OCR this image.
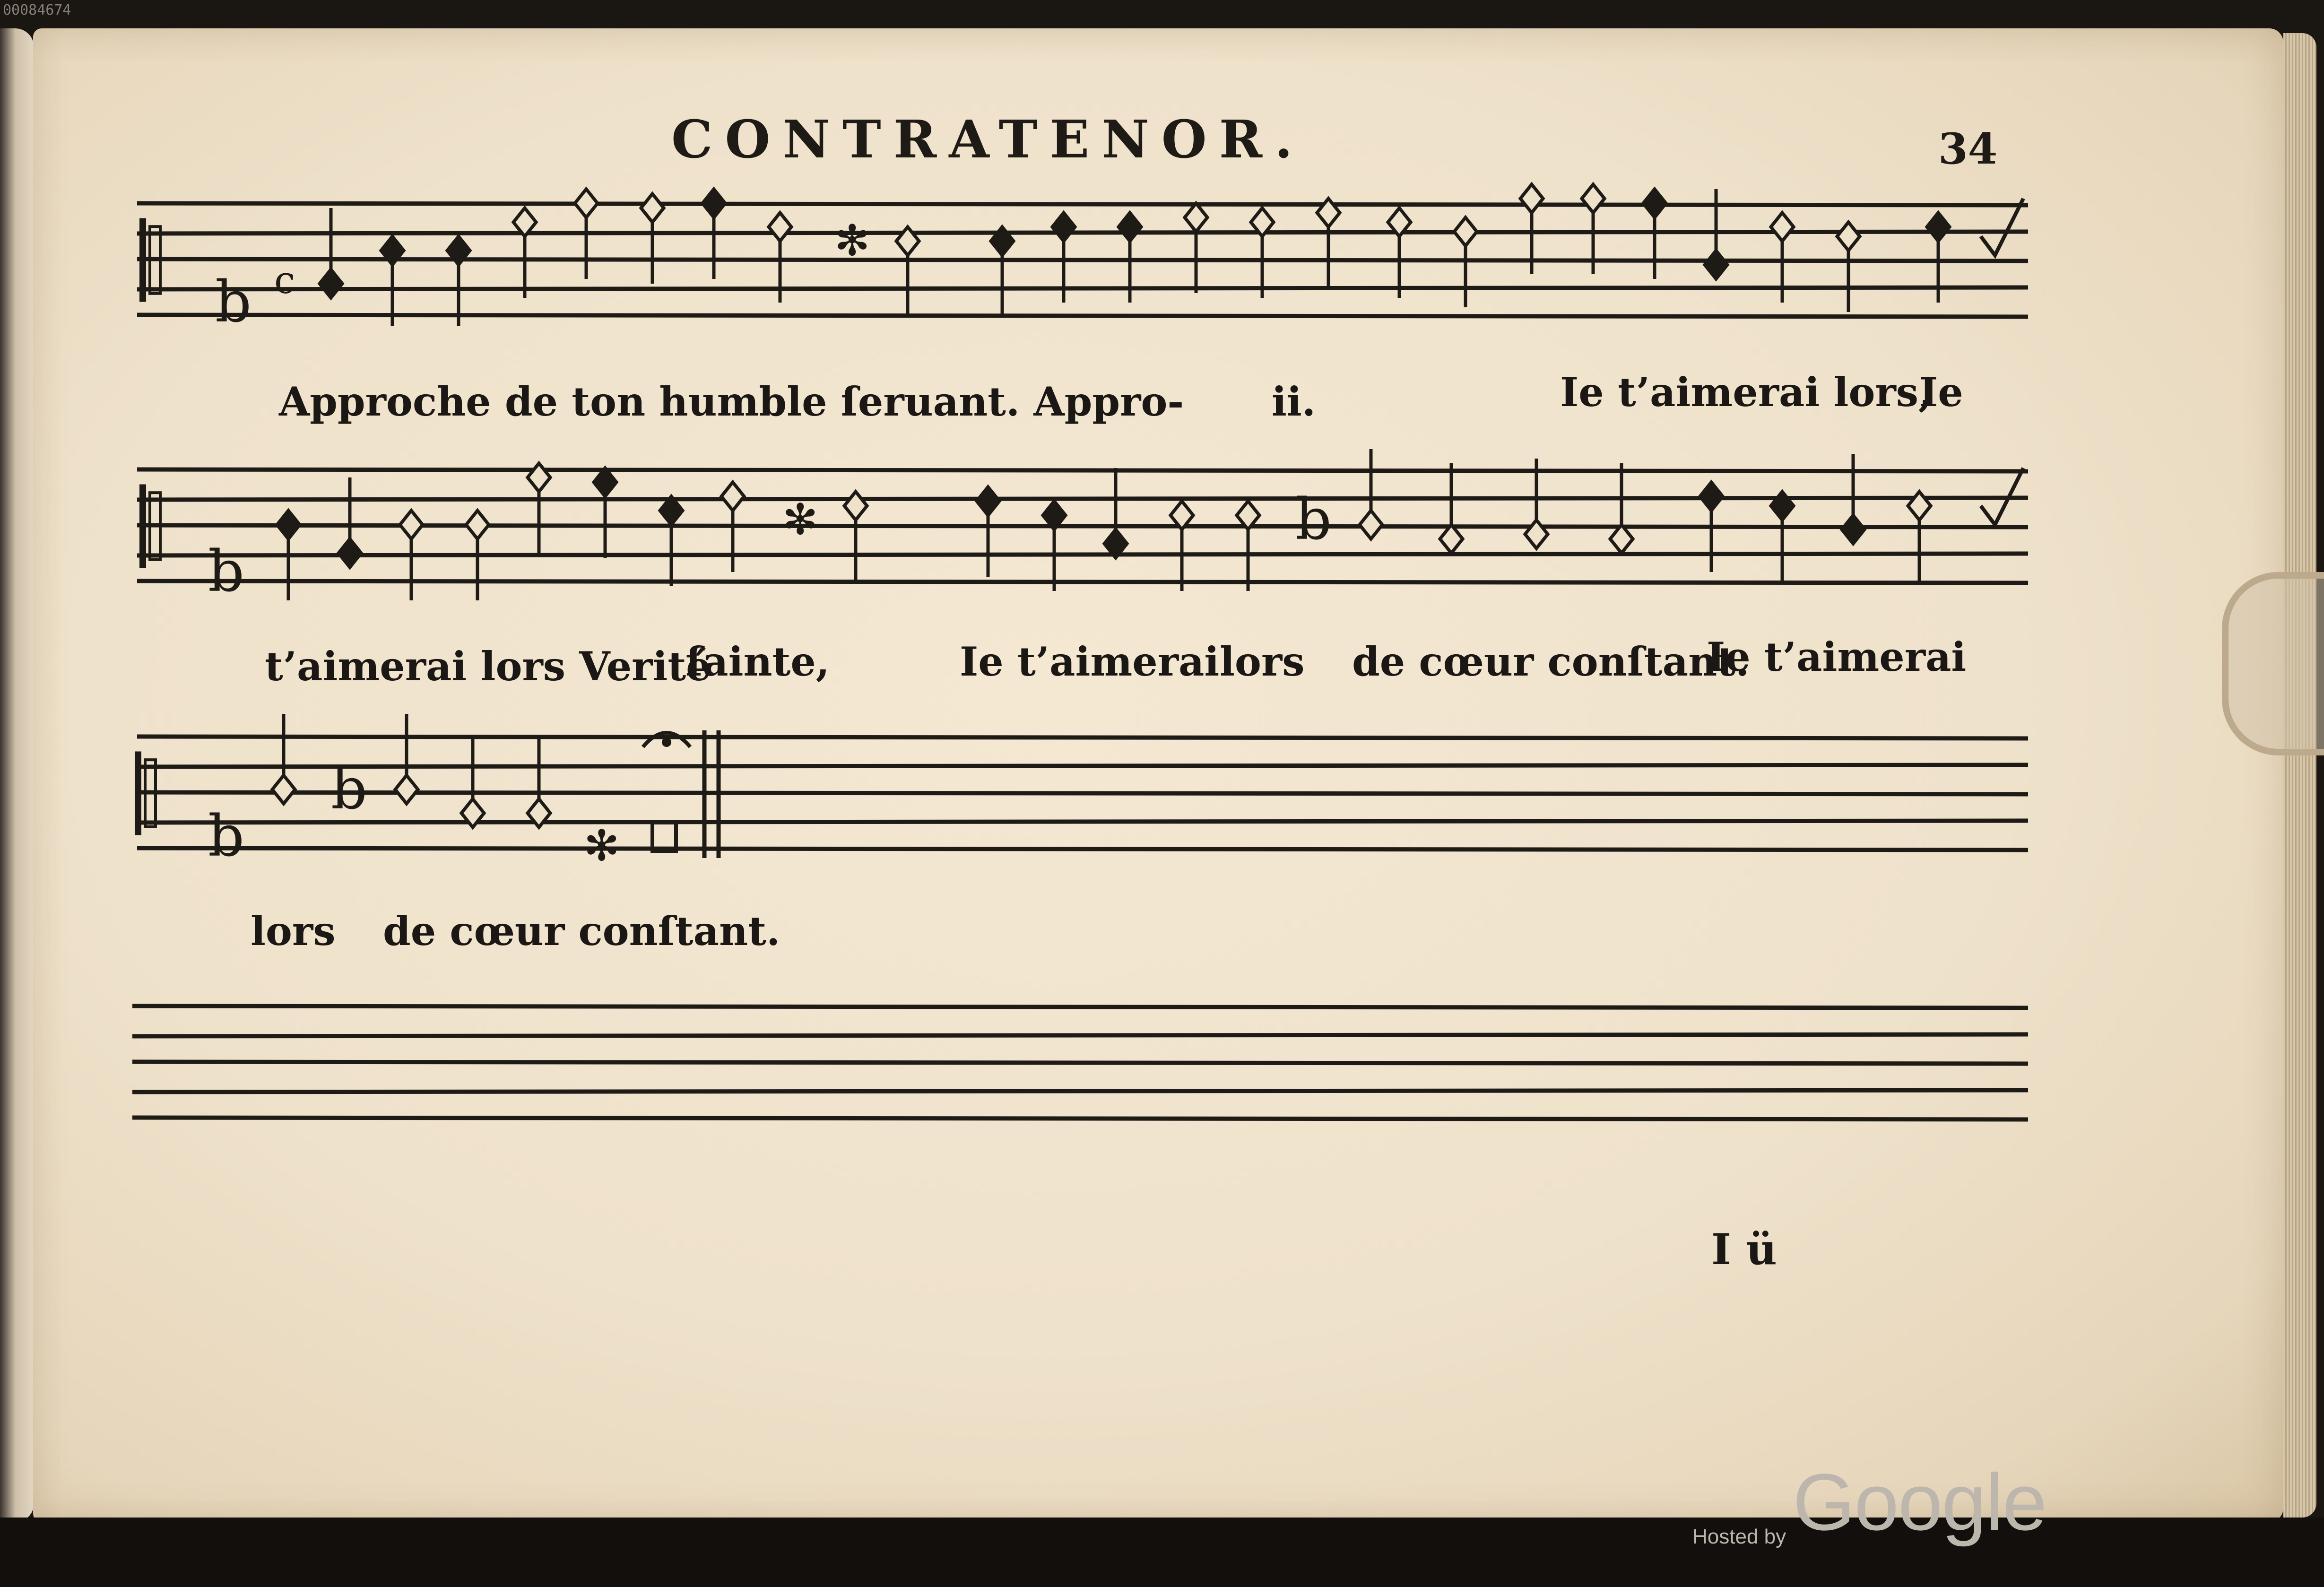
00084674
CONTRATENOR.	34
b c
✻
b
✻	b
b
b
✻
Approche de ton humble ſeruant. Appro- ii.	Ie t’aimerai lors,
Ie
t’aimerai lors Verité
ſainte,	Ie t’aimerai lors de cœur conſtant.
Ie t’aimerai
lors de cœur conſtant.
I ü
Hosted byGoogle
